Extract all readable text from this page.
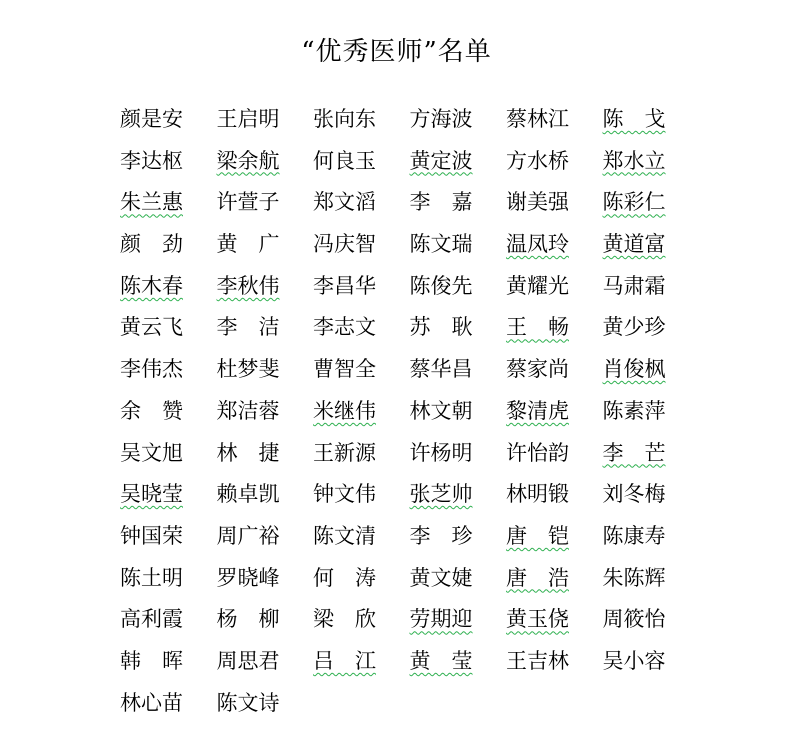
“优秀医师”名单
颜是安	王启明	张向东	方海波	蔡林江	陈　戈
李达枢	梁余航	何良玉	黄定波	方水桥	郑水立
朱兰惠	许萱子	郑文滔	李　嘉	谢美强	陈彩仁
颜　劲	黄　广	冯庆智	陈文瑞	温凤玲	黄道富
陈木春	李秋伟	李昌华	陈俊先	黄耀光	马肃霜
黄云飞	李　洁	李志文	苏　耿	王　畅	黄少珍
李伟杰	杜梦斐	曹智全	蔡华昌	蔡家尚	肖俊枫
余　赞	郑洁蓉	米继伟	林文朝	黎清虎	陈素萍
吴文旭	林　捷	王新源	许杨明	许怡韵	李　芒
吴晓莹	赖卓凯	钟文伟	张芝帅	林明锻	刘冬梅
钟国荣	周广裕	陈文清	李　珍	唐　铠	陈康寿
陈土明	罗晓峰	何　涛	黄文婕	唐　浩	朱陈辉
高利霞	杨　柳	梁　欣	劳期迎	黄玉侥	周筱怡
韩　晖	周思君	吕　江	黄　莹	王吉林	吴小容
林心苗	陈文诗
